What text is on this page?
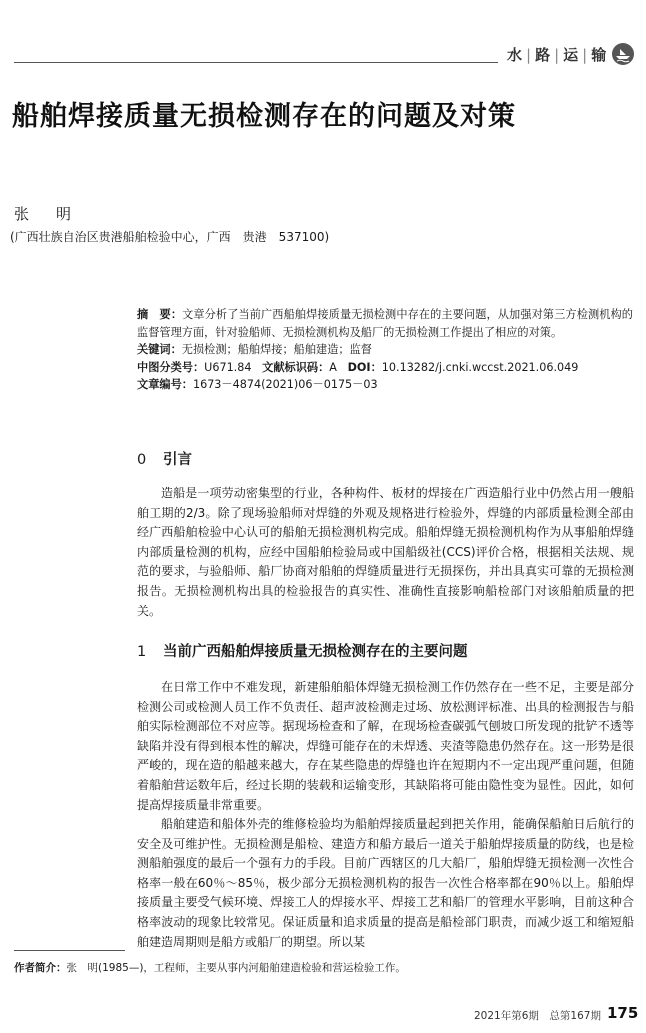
水 | 路 | 运 | 输
船舶焊接质量无损检测存在的问题及对策
张　明
(广西壮族自治区贵港船舶检验中心，广西　贵港　537100)

摘　要：文章分析了当前广西船舶焊接质量无损检测中存在的主要问题，从加强对第三方检测机构的监督管理方面，针对验船师、无损检测机构及船厂的无损检测工作提出了相应的对策。

关键词：无损检测；船舶焊接；船舶建造；监督

中图分类号：U671.84 文献标识码：A DOI：10.13282/j.cnki.wccst.2021.06.049

文章编号：1673－4874(2021)06－0175－03

0 引言

造船是一项劳动密集型的行业，各种构件、板材的焊接在广西造船行业中仍然占用一艘船舶工期的2/3。除了现场验船师对焊缝的外观及规格进行检验外，焊缝的内部质量检测全部由经广西船舶检验中心认可的船舶无损检测机构完成。船舶焊缝无损检测机构作为从事船舶焊缝内部质量检测的机构，应经中国船舶检验局或中国船级社(CCS)评价合格，根据相关法规、规范的要求，与验船师、船厂协商对船舶的焊缝质量进行无损探伤，并出具真实可靠的无损检测报告。无损检测机构出具的检验报告的真实性、准确性直接影响船检部门对该船舶质量的把关。

1 当前广西船舶焊接质量无损检测存在的主要问题

在日常工作中不难发现，新建船舶船体焊缝无损检测工作仍然存在一些不足，主要是部分检测公司或检测人员工作不负责任、超声波检测走过场、放松测评标准、出具的检测报告与船舶实际检测部位不对应等。据现场检查和了解，在现场检查碳弧气刨坡口所发现的批铲不透等缺陷并没有得到根本性的解决，焊缝可能存在的未焊透、夹渣等隐患仍然存在。这一形势是很严峻的，现在造的船越来越大，存在某些隐患的焊缝也许在短期内不一定出现严重问题，但随着船舶营运数年后，经过长期的装载和运输变形，其缺陷将可能由隐性变为显性。因此，如何提高焊接质量非常重要。

船舶建造和船体外壳的维修检验均为船舶焊接质量起到把关作用，能确保船舶日后航行的安全及可维护性。无损检测是船检、建造方和船方最后一道关于船舶焊接质量的防线，也是检测船舶强度的最后一个强有力的手段。目前广西辖区的几大船厂，船舶焊缝无损检测一次性合格率一般在60％～85％，极少部分无损检测机构的报告一次性合格率都在90％以上。船舶焊接质量主要受气候环境、焊接工人的焊接水平、焊接工艺和船厂的管理水平影响，目前这种合格率波动的现象比较常见。保证质量和追求质量的提高是船检部门职责，而减少返工和缩短船舶建造周期则是船方或船厂的期望。所以某

作者简介：张　明(1985—)，工程师，主要从事内河船舶建造检验和营运检验工作。
2021年第6期　总第167期 175
